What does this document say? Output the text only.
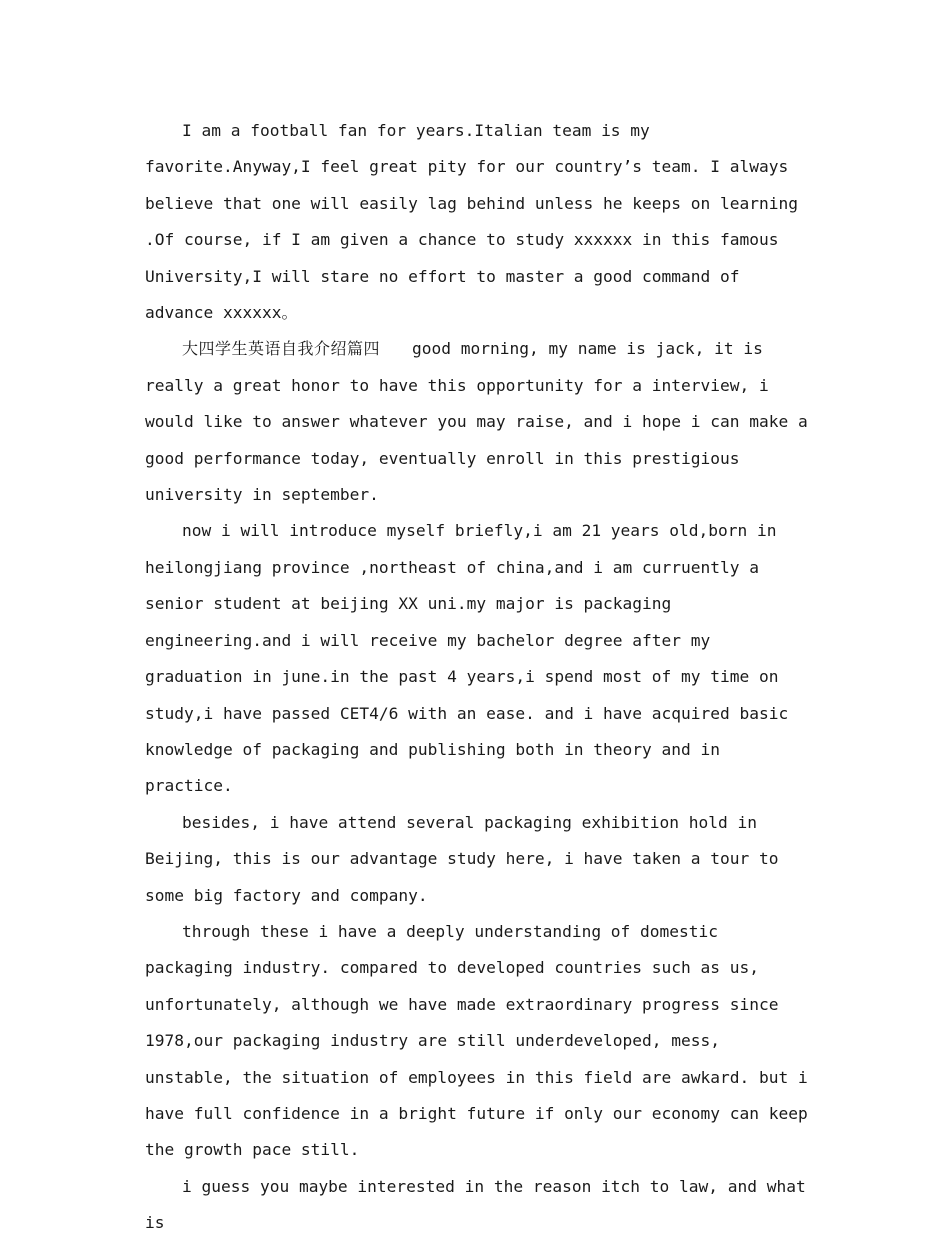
I am a football fan for years.Italian team is my favorite.Anyway,I feel great pity for our country’s team. I always believe that one will easily lag behind unless he keeps on learning .Of course, if I am given a chance to study xxxxxx in this famous University,I will stare no effort to master a good command of advance xxxxxx。

大四学生英语自我介绍篇四 good morning, my name is jack, it is really a great honor to have this opportunity for a interview, i would like to answer whatever you may raise, and i hope i can make a good performance today, eventually enroll in this prestigious university in september.

now i will introduce myself briefly,i am 21 years old,born in heilongjiang province ,northeast of china,and i am curruently a senior student at beijing XX uni.my major is packaging engineering.and i will receive my bachelor degree after my graduation in june.in the past 4 years,i spend most of my time on study,i have passed CET4/6 with an ease. and i have acquired basic knowledge of packaging and publishing both in theory and in practice.

besides, i have attend several packaging exhibition hold in Beijing, this is our advantage study here, i have taken a tour to some big factory and company.

through these i have a deeply understanding of domestic packaging industry. compared to developed countries such as us, unfortunately, although we have made extraordinary progress since 1978,our packaging industry are still underdeveloped, mess, unstable, the situation of employees in this field are awkard. but i have full confidence in a bright future if only our economy can keep the growth pace still.

i guess you maybe interested in the reason itch to law, and what is
